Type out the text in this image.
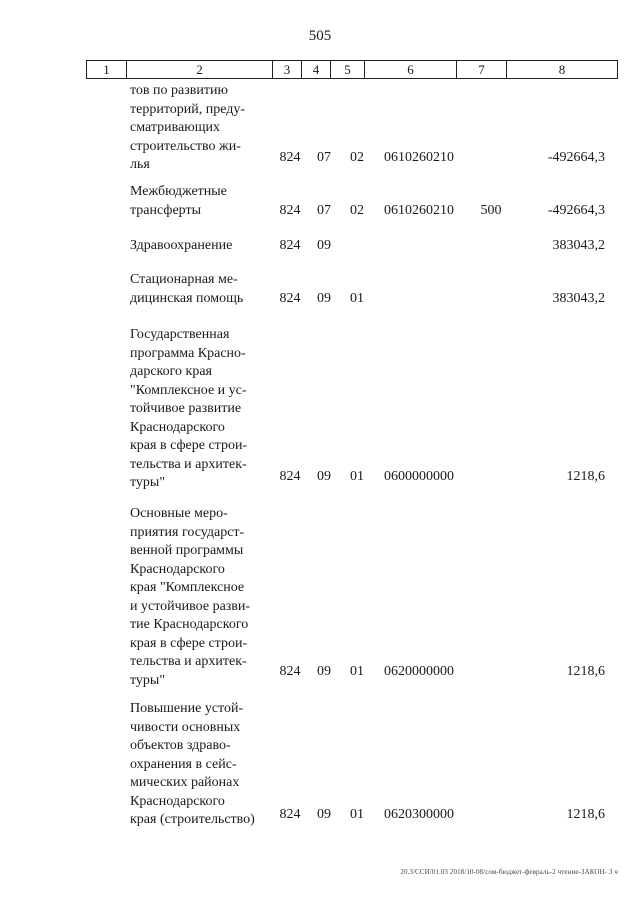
505
1	2	3	4	5	6	7	8
тов по развитию
территорий, преду-
сматривающих
строительство жи-
лья	824	07	02	0610260210	-492664,3
Межбюджетные
трансферты	824	07	02	0610260210	500	-492664,3
Здравоохранение	824	09	383043,2
Стационарная ме-
дицинская помощь	824	09	01	383043,2
Государственная
программа Красно-
дарского края
"Комплексное и ус-
тойчивое развитие
Краснодарского
края в сфере строи-
тельства и архитек-
туры"	824	09	01	0600000000	1218,6
Основные меро-
приятия государст-
венной программы
Краснодарского
края "Комплексное
и устойчивое разви-
тие Краснодарского
края в сфере строи-
тельства и архитек-
туры"
824	09	01	0620000000	1218,6
Повышение устой-
чивости основных
объектов здраво-
охранения в сейс-
мических районах
Краснодарского
края (строительство)	824	09	01	0620300000	1218,6
20.3/ССИ/01.03 2018/10-08/сом-бюджет-февраль-2 чтение-ЗАКОН- 3 ч
